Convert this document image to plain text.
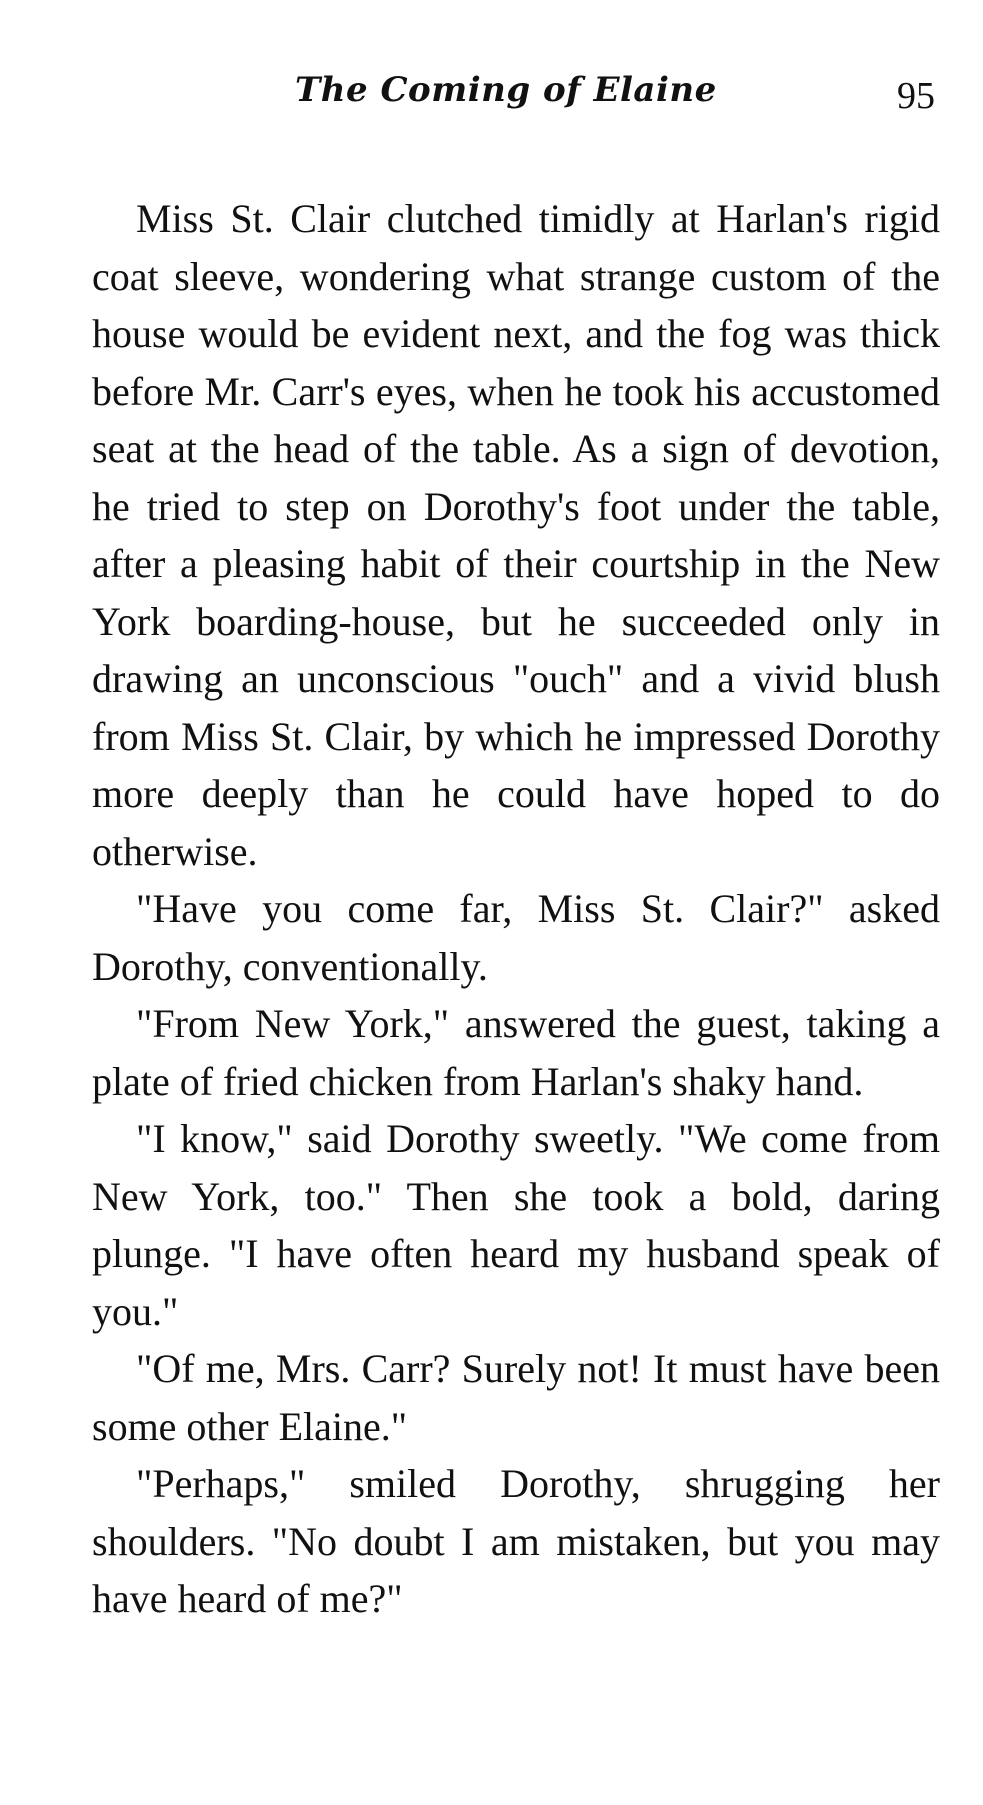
The Coming of Elaine	95

Miss St. Clair clutched timidly at Harlan's rigid coat sleeve, wondering what strange custom of the house would be evident next, and the fog was thick before Mr. Carr's eyes, when he took his accustomed seat at the head of the table. As a sign of devotion, he tried to step on Dorothy's foot under the table, after a pleasing habit of their courtship in the New York boarding-house, but he succeeded only in drawing an unconscious "ouch" and a vivid blush from Miss St. Clair, by which he impressed Dorothy more deeply than he could have hoped to do otherwise.

"Have you come far, Miss St. Clair?" asked Dorothy, conventionally.

"From New York," answered the guest, taking a plate of fried chicken from Harlan's shaky hand.

"I know," said Dorothy sweetly. "We come from New York, too." Then she took a bold, daring plunge. "I have often heard my husband speak of you."

"Of me, Mrs. Carr? Surely not! It must have been some other Elaine."

"Perhaps," smiled Dorothy, shrugging her shoulders. "No doubt I am mistaken, but you may have heard of me?"
